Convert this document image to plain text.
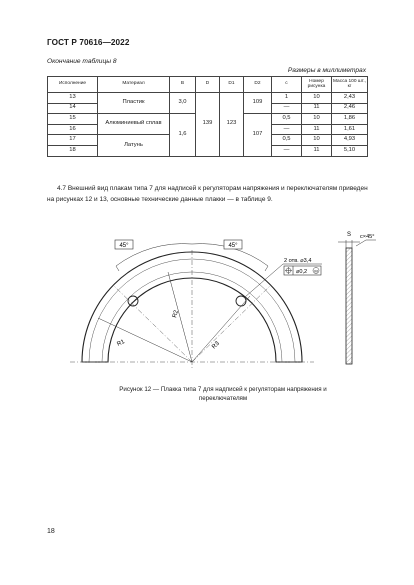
ГОСТ Р 70616—2022
Окончание таблицы 8
Размеры в миллиметрах
Исполнение	Материал	B	D	D1	D2	c	Номер рисунка	Масса 100 шт., кг
13	Пластик	3,0	139	123	109	1	10	2,43
14						—	11	2,46
15	Алюминиевый сплав	1,6			107	0,5	10	1,86
16						—	11	1,61
17	Латунь					0,5	10	4,93
18						—	11	5,10
4.7 Внешний вид плакам типа 7 для надписей к регуляторам напряжения и переключателям приведен на рисунках 12 и 13, основные технические данные плакки — в таблице 9.
45°	45°
R1
R2
R3
2 отв. ⌀3,4
⌀0,2 M
S c×45°
Рисунок 12 — Плакка типа 7 для надписей к регуляторам напряжения и переключателям
18
